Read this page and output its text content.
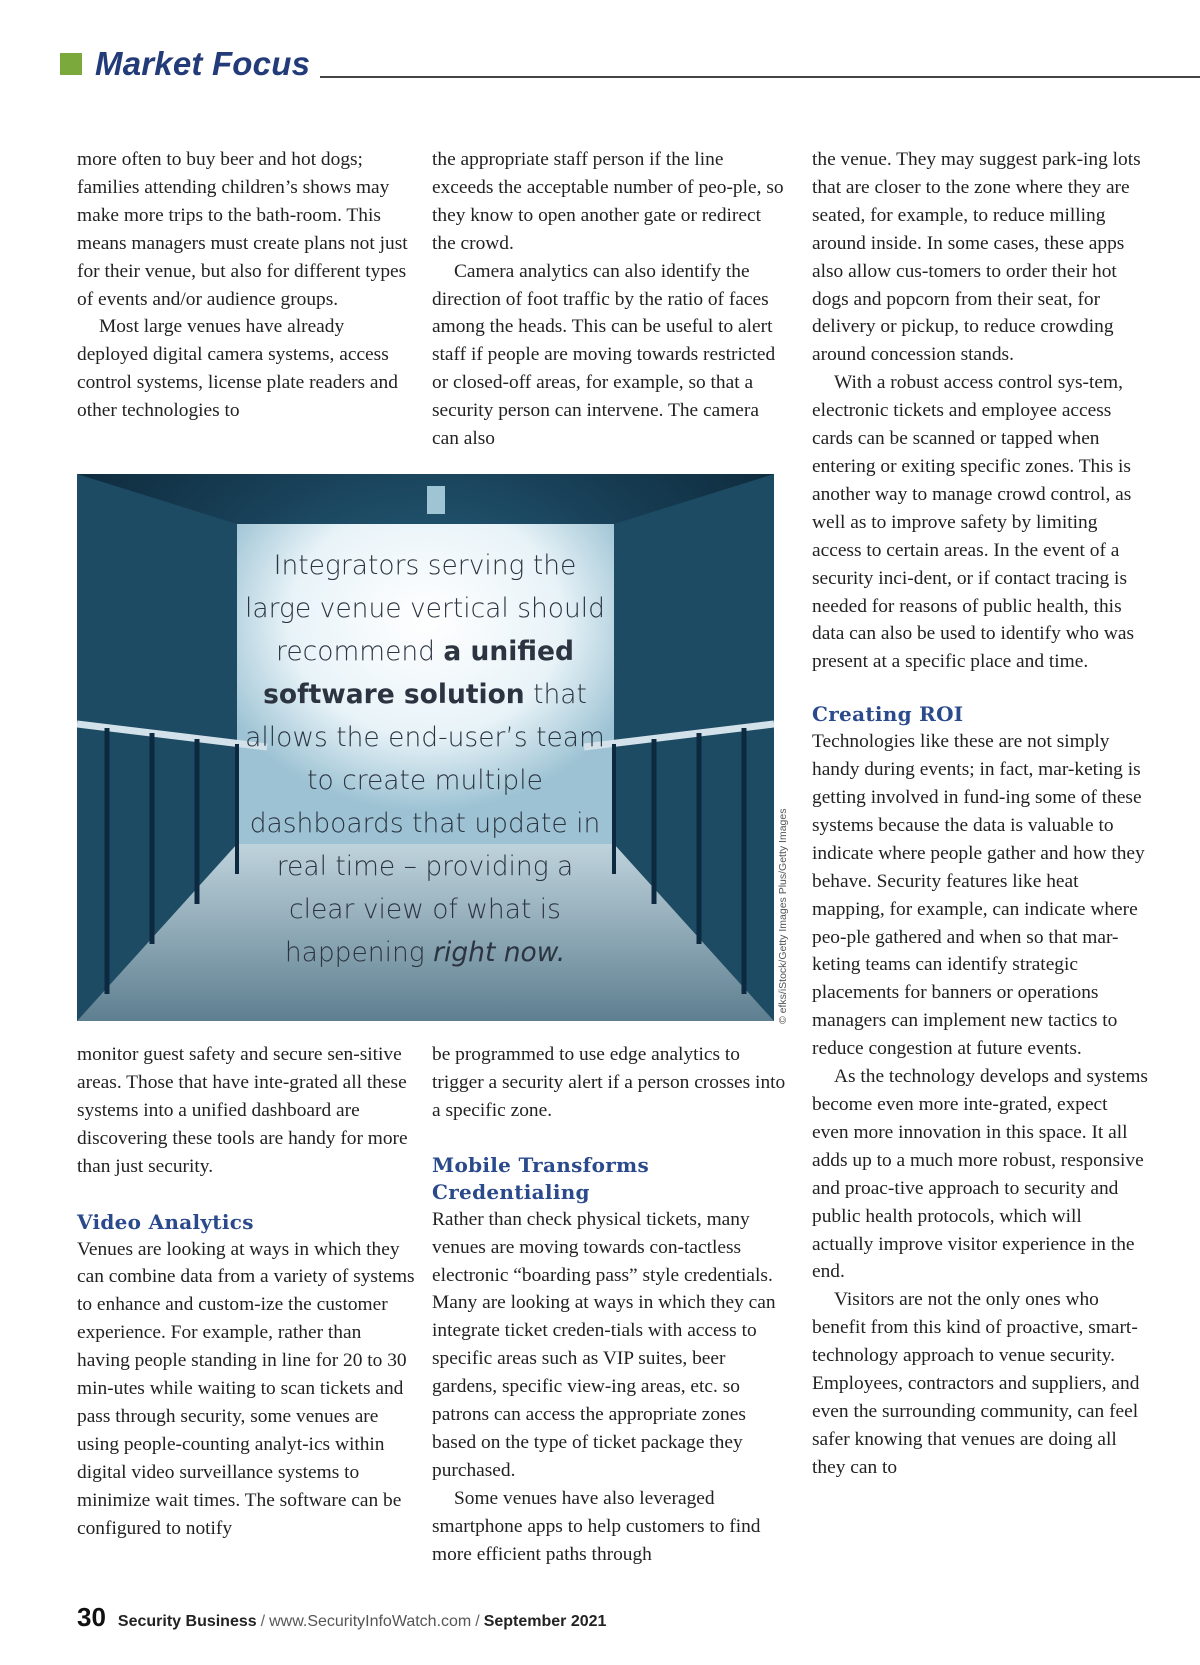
Market Focus

more often to buy beer and hot dogs; families attending children’s shows may make more trips to the bath-room. This means managers must create plans not just for their venue, but also for different types of events and/or audience groups.

Most large venues have already deployed digital camera systems, access control systems, license plate readers and other technologies to

the appropriate staff person if the line exceeds the acceptable number of peo-ple, so they know to open another gate or redirect the crowd.

Camera analytics can also identify the direction of foot traffic by the ratio of faces among the heads. This can be useful to alert staff if people are moving towards restricted or closed-off areas, for example, so that a security person can intervene. The camera can also

Integrators serving the large venue vertical should recommend a unified software solution that allows the end-user’s team to create multiple dashboards that update in real time – providing a clear view of what is happening right now.	© efks/iStock/Getty Images Plus/Getty Images

monitor guest safety and secure sen-sitive areas. Those that have inte-grated all these systems into a unified dashboard are discovering these tools are handy for more than just security.

Video Analytics

Venues are looking at ways in which they can combine data from a variety of systems to enhance and custom-ize the customer experience. For example, rather than having people standing in line for 20 to 30 min-utes while waiting to scan tickets and pass through security, some venues are using people-counting analyt-ics within digital video surveillance systems to minimize wait times. The software can be configured to notify

be programmed to use edge analytics to trigger a security alert if a person crosses into a specific zone.

Mobile Transforms Credentialing

Rather than check physical tickets, many venues are moving towards con-tactless electronic “boarding pass” style credentials. Many are looking at ways in which they can integrate ticket creden-tials with access to specific areas such as VIP suites, beer gardens, specific view-ing areas, etc. so patrons can access the appropriate zones based on the type of ticket package they purchased.

Some venues have also leveraged smartphone apps to help customers to find more efficient paths through

the venue. They may suggest park-ing lots that are closer to the zone where they are seated, for example, to reduce milling around inside. In some cases, these apps also allow cus-tomers to order their hot dogs and popcorn from their seat, for delivery or pickup, to reduce crowding around concession stands.

With a robust access control sys-tem, electronic tickets and employee access cards can be scanned or tapped when entering or exiting specific zones. This is another way to manage crowd control, as well as to improve safety by limiting access to certain areas. In the event of a security inci-dent, or if contact tracing is needed for reasons of public health, this data can also be used to identify who was present at a specific place and time.

Creating ROI

Technologies like these are not simply handy during events; in fact, mar-keting is getting involved in fund-ing some of these systems because the data is valuable to indicate where people gather and how they behave. Security features like heat mapping, for example, can indicate where peo-ple gathered and when so that mar-keting teams can identify strategic placements for banners or operations managers can implement new tactics to reduce congestion at future events.

As the technology develops and systems become even more inte-grated, expect even more innovation in this space. It all adds up to a much more robust, responsive and proac-tive approach to security and public health protocols, which will actually improve visitor experience in the end.

Visitors are not the only ones who benefit from this kind of proactive, smart-technology approach to venue security. Employees, contractors and suppliers, and even the surrounding community, can feel safer knowing that venues are doing all they can to

30 Security Business / www.SecurityInfoWatch.com / September 2021
